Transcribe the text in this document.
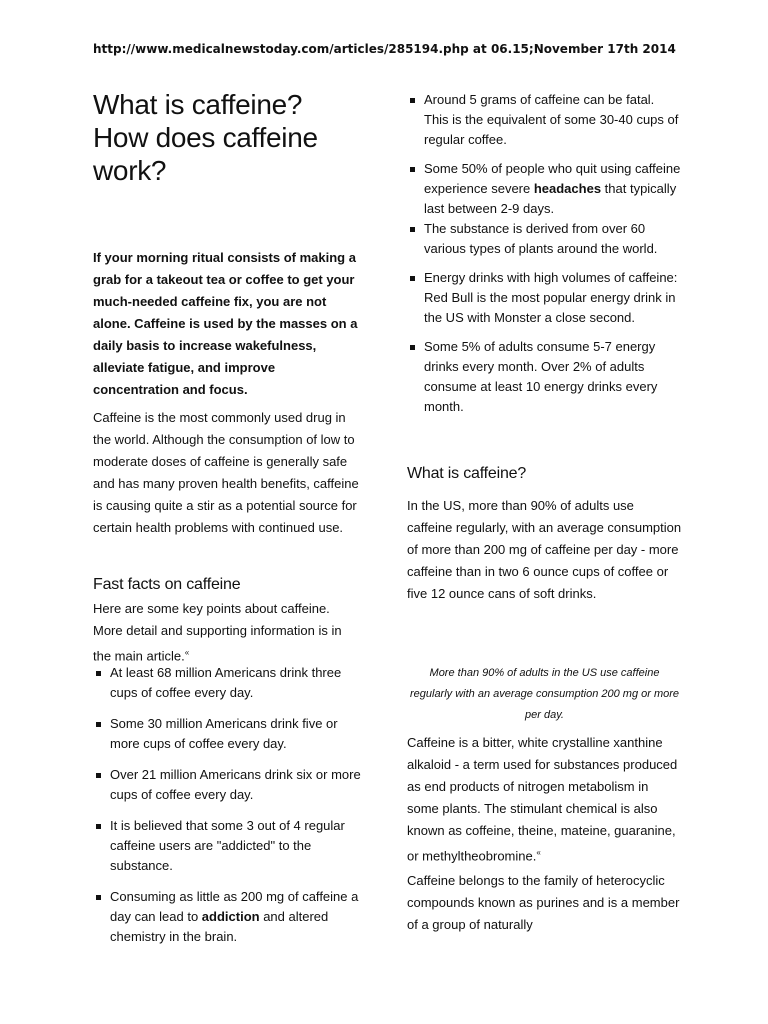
http://www.medicalnewstoday.com/articles/285194.php at 06.15;November 17th 2014
What is caffeine? How does caffeine work?

If your morning ritual consists of making a grab for a takeout tea or coffee to get your much-needed caffeine fix, you are not alone. Caffeine is used by the masses on a daily basis to increase wakefulness, alleviate fatigue, and improve concentration and focus.

Caffeine is the most commonly used drug in the world. Although the consumption of low to moderate doses of caffeine is generally safe and has many proven health benefits, caffeine is causing quite a stir as a potential source for certain health problems with continued use.

Fast facts on caffeine

Here are some key points about caffeine. More detail and supporting information is in the main article.«

At least 68 million Americans drink three cups of coffee every day.
Some 30 million Americans drink five or more cups of coffee every day.
Over 21 million Americans drink six or more cups of coffee every day.
It is believed that some 3 out of 4 regular caffeine users are "addicted" to the substance.
Consuming as little as 200 mg of caffeine a day can lead to addiction and altered chemistry in the brain.
Around 5 grams of caffeine can be fatal. This is the equivalent of some 30-40 cups of regular coffee.
Some 50% of people who quit using caffeine experience severe headaches that typically last between 2-9 days.
The substance is derived from over 60 various types of plants around the world.
Energy drinks with high volumes of caffeine: Red Bull is the most popular energy drink in the US with Monster a close second.
Some 5% of adults consume 5-7 energy drinks every month. Over 2% of adults consume at least 10 energy drinks every month.
What is caffeine?

In the US, more than 90% of adults use caffeine regularly, with an average consumption of more than 200 mg of caffeine per day - more caffeine than in two 6 ounce cups of coffee or five 12 ounce cans of soft drinks.

More than 90% of adults in the US use caffeine regularly with an average consumption 200 mg or more per day.

Caffeine is a bitter, white crystalline xanthine alkaloid - a term used for substances produced as end products of nitrogen metabolism in some plants. The stimulant chemical is also known as coffeine, theine, mateine, guaranine, or methyltheobromine.«

Caffeine belongs to the family of heterocyclic compounds known as purines and is a member of a group of naturally
